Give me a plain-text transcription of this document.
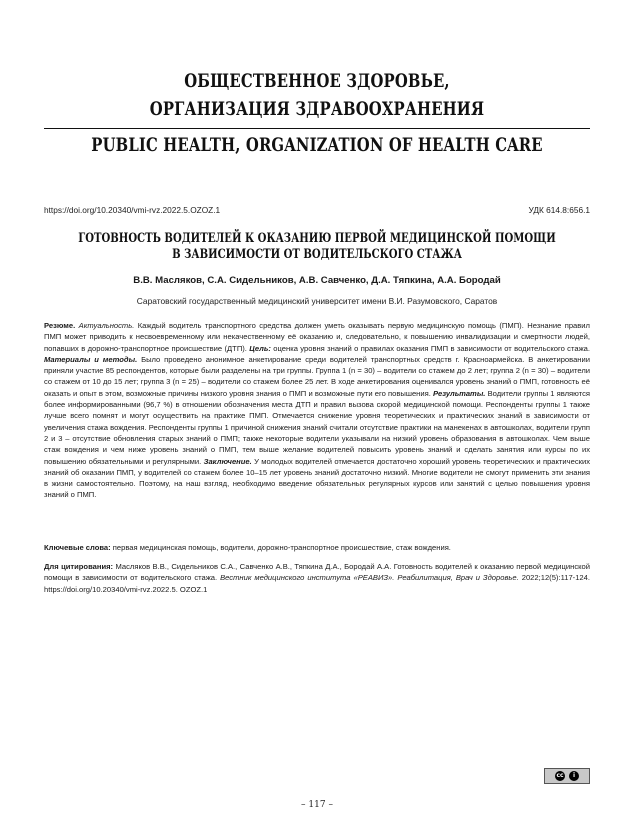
ОБЩЕСТВЕННОЕ ЗДОРОВЬЕ,
ОРГАНИЗАЦИЯ ЗДРАВООХРАНЕНИЯ
PUBLIC HEALTH, ORGANIZATION OF HEALTH CARE
https://doi.org/10.20340/vmi-rvz.2022.5.OZOZ.1	УДК 614.8:656.1
ГОТОВНОСТЬ ВОДИТЕЛЕЙ К ОКАЗАНИЮ ПЕРВОЙ МЕДИЦИНСКОЙ ПОМОЩИ
В ЗАВИСИМОСТИ ОТ ВОДИТЕЛЬСКОГО СТАЖА
В.В. Масляков, С.А. Сидельников, А.В. Савченко, Д.А. Тяпкина, А.А. Бородай
Саратовский государственный медицинский университет имени В.И. Разумовского, Саратов
Резюме. Актуальность. Каждый водитель транспортного средства должен уметь оказывать первую медицинскую помощь (ПМП). Незнание правил ПМП может приводить к несвоевременному или некачественному её оказанию и, следовательно, к повышению инвалидизации и смертности людей, попавших в дорожно-транспортное происшествие (ДТП). Цель: оценка уровня знаний о правилах оказания ПМП в зависимости от водительского стажа. Материалы и методы. Было проведено анонимное анкетирование среди водителей транспортных средств г. Красноармейска. В анкетировании приняли участие 85 респондентов, которые были разделены на три группы. Группа 1 (n = 30) – водители со стажем до 2 лет; группа 2 (n = 30) – водители со стажем от 10 до 15 лет; группа 3 (n = 25) – водители со стажем более 25 лет. В ходе анкетирования оценивался уровень знаний о ПМП, готовность её оказать и опыт в этом, возможные причины низкого уровня знания о ПМП и возможные пути его повышения. Результаты. Водители группы 1 являются более информированными (96,7 %) в отношении обозначения места ДТП и правил вызова скорой медицинской помощи. Респонденты группы 1 также лучше всего помнят и могут осуществить на практике ПМП. Отмечается снижение уровня теоретических и практических знаний в зависимости от увеличения стажа вождения. Респонденты группы 1 причиной снижения знаний считали отсутствие практики на манекенах в автошколах, водители групп 2 и 3 – отсутствие обновления старых знаний о ПМП; также некоторые водители указывали на низкий уровень образования в автошколах. Чем выше стаж вождения и чем ниже уровень знаний о ПМП, тем выше желание водителей повысить уровень знаний и сделать занятия или курсы по их повышению обязательными и регулярными. Заключение. У молодых водителей отмечается достаточно хороший уровень теоретических и практических знаний об оказании ПМП, у водителей со стажем более 10–15 лет уровень знаний достаточно низкий. Многие водители не смогут применить эти знания в жизни самостоятельно. Поэтому, на наш взгляд, необходимо введение обязательных регулярных курсов или занятий с целью повышения уровня знаний о ПМП.
Ключевые слова: первая медицинская помощь, водители, дорожно-транспортное происшествие, стаж вождения.
Для цитирования: Масляков В.В., Сидельников С.А., Савченко А.В., Тяпкина Д.А., Бородай А.А. Готовность водителей к оказанию первой медицинской помощи в зависимости от водительского стажа. Вестник медицинского института «РЕАВИЗ». Реабилитация, Врач и Здоровье. 2022;12(5):117-124. https://doi.org/10.20340/vmi-rvz.2022.5. OZOZ.1
cc	i
– 117 –
